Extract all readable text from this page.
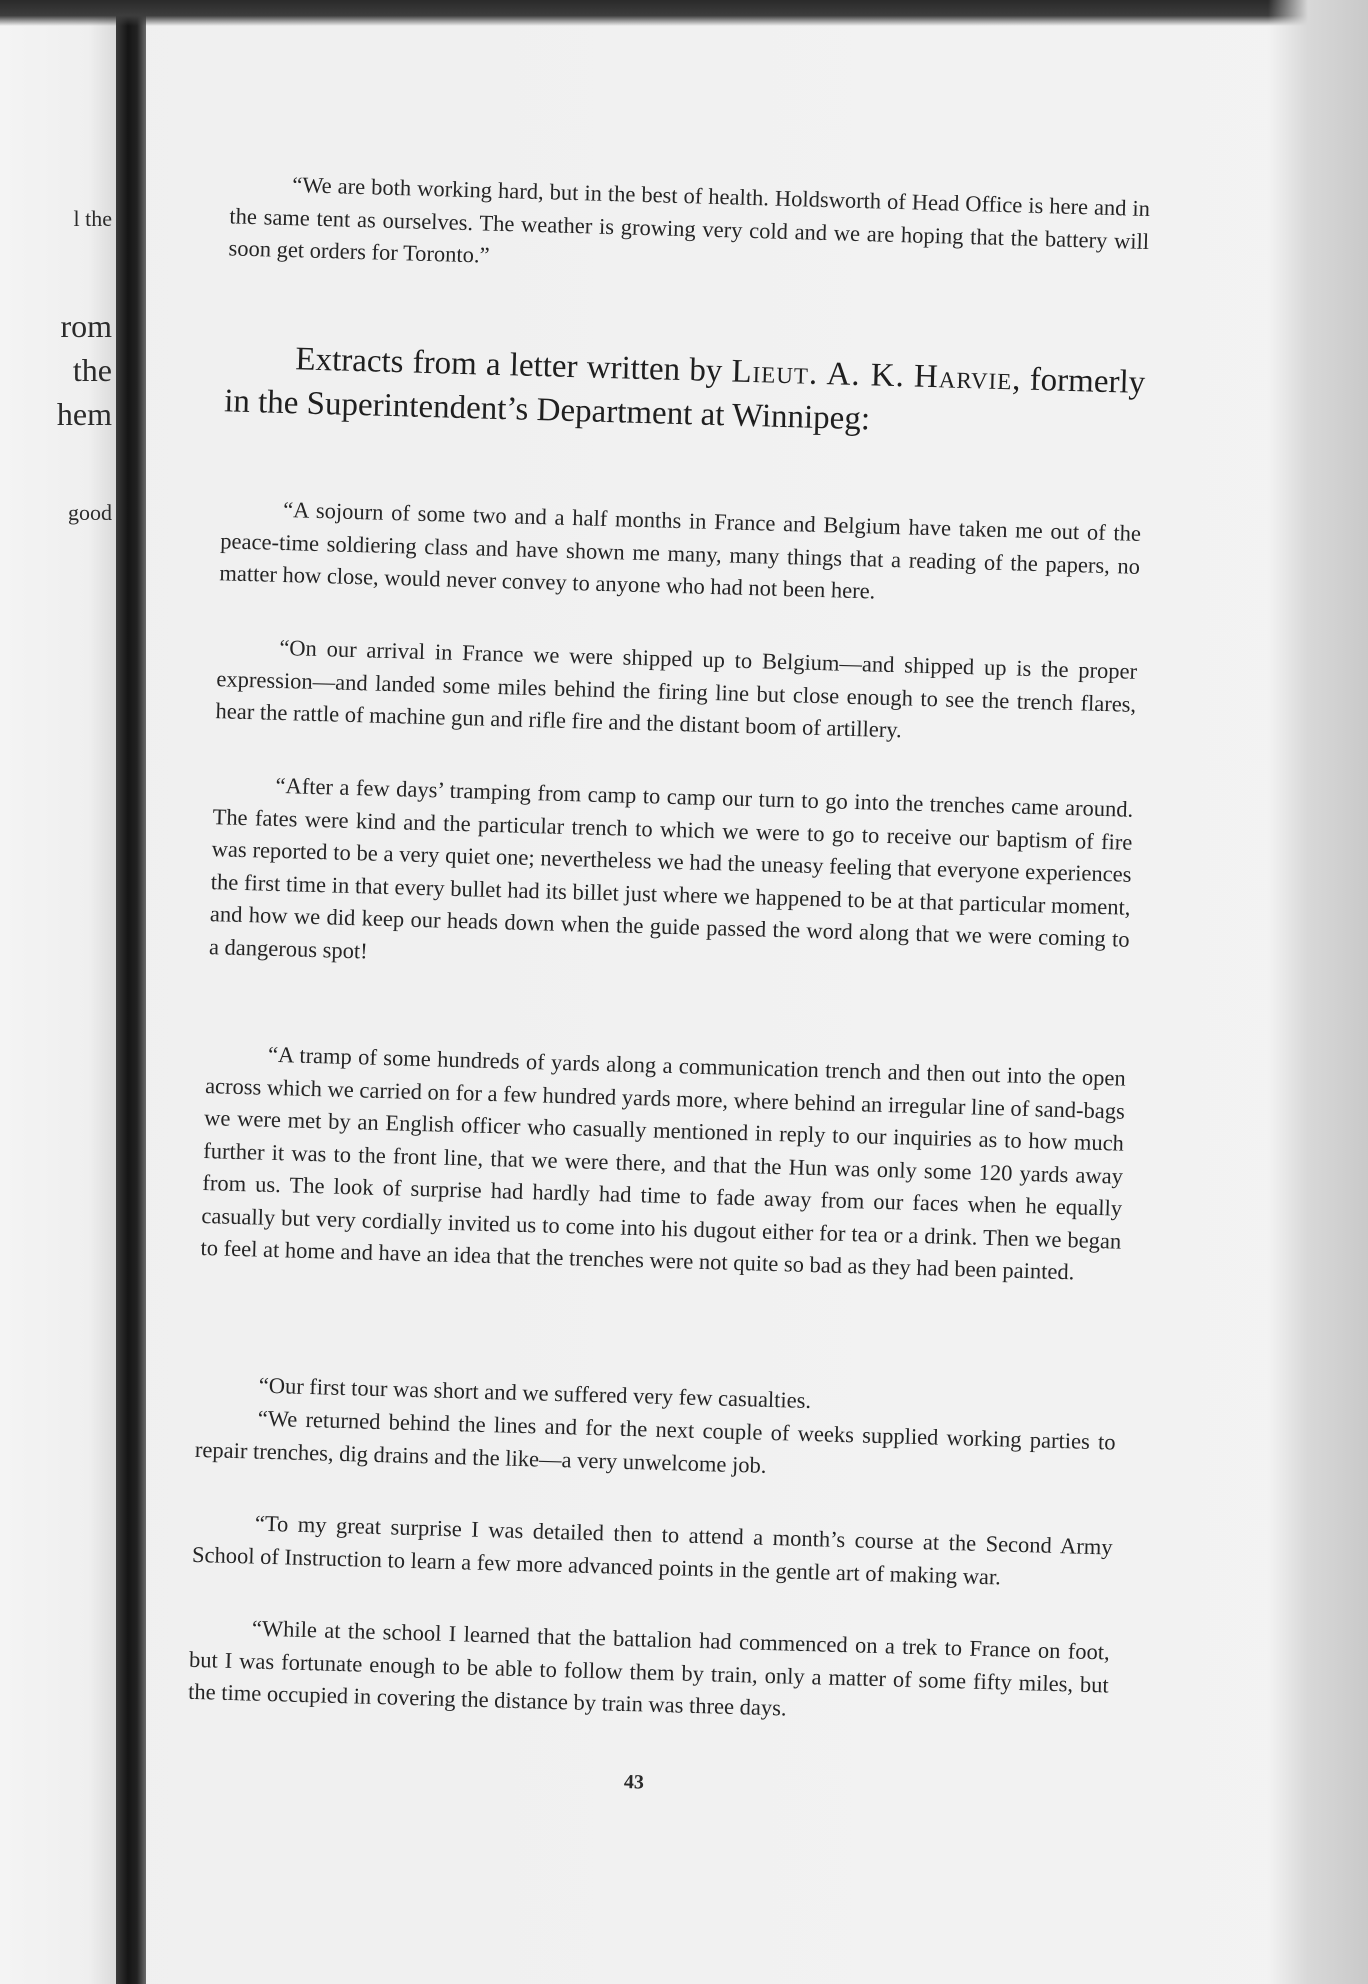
l the
rom
the
hem
good

“We are both working hard, but in the best of health. Holdsworth of Head Office is here and in the same tent as ourselves. The weather is growing very cold and we are hoping that the battery will soon get orders for Toronto.”

Extracts from a letter written by Lieut. A. K. Harvie, formerly in the Superintendent’s Department at Winnipeg:

“A sojourn of some two and a half months in France and Belgium have taken me out of the peace-time soldiering class and have shown me many, many things that a reading of the papers, no matter how close, would never convey to anyone who had not been here.

“On our arrival in France we were shipped up to Belgium—and shipped up is the proper expression—and landed some miles behind the firing line but close enough to see the trench flares, hear the rattle of machine gun and rifle fire and the distant boom of artillery.

“After a few days’ tramping from camp to camp our turn to go into the trenches came around. The fates were kind and the particular trench to which we were to go to receive our baptism of fire was reported to be a very quiet one; nevertheless we had the uneasy feeling that everyone experiences the first time in that every bullet had its billet just where we happened to be at that particular moment, and how we did keep our heads down when the guide passed the word along that we were coming to a dangerous spot!

“A tramp of some hundreds of yards along a communication trench and then out into the open across which we carried on for a few hundred yards more, where behind an irregular line of sand-bags we were met by an English officer who casually mentioned in reply to our inquiries as to how much further it was to the front line, that we were there, and that the Hun was only some 120 yards away from us. The look of surprise had hardly had time to fade away from our faces when he equally casually but very cordially invited us to come into his dugout either for tea or a drink. Then we began to feel at home and have an idea that the trenches were not quite so bad as they had been painted.

“Our first tour was short and we suffered very few casualties.

“We returned behind the lines and for the next couple of weeks supplied working parties to repair trenches, dig drains and the like—a very unwelcome job.

“To my great surprise I was detailed then to attend a month’s course at the Second Army School of Instruction to learn a few more advanced points in the gentle art of making war.

“While at the school I learned that the battalion had commenced on a trek to France on foot, but I was fortunate enough to be able to follow them by train, only a matter of some fifty miles, but the time occupied in covering the distance by train was three days.

43
